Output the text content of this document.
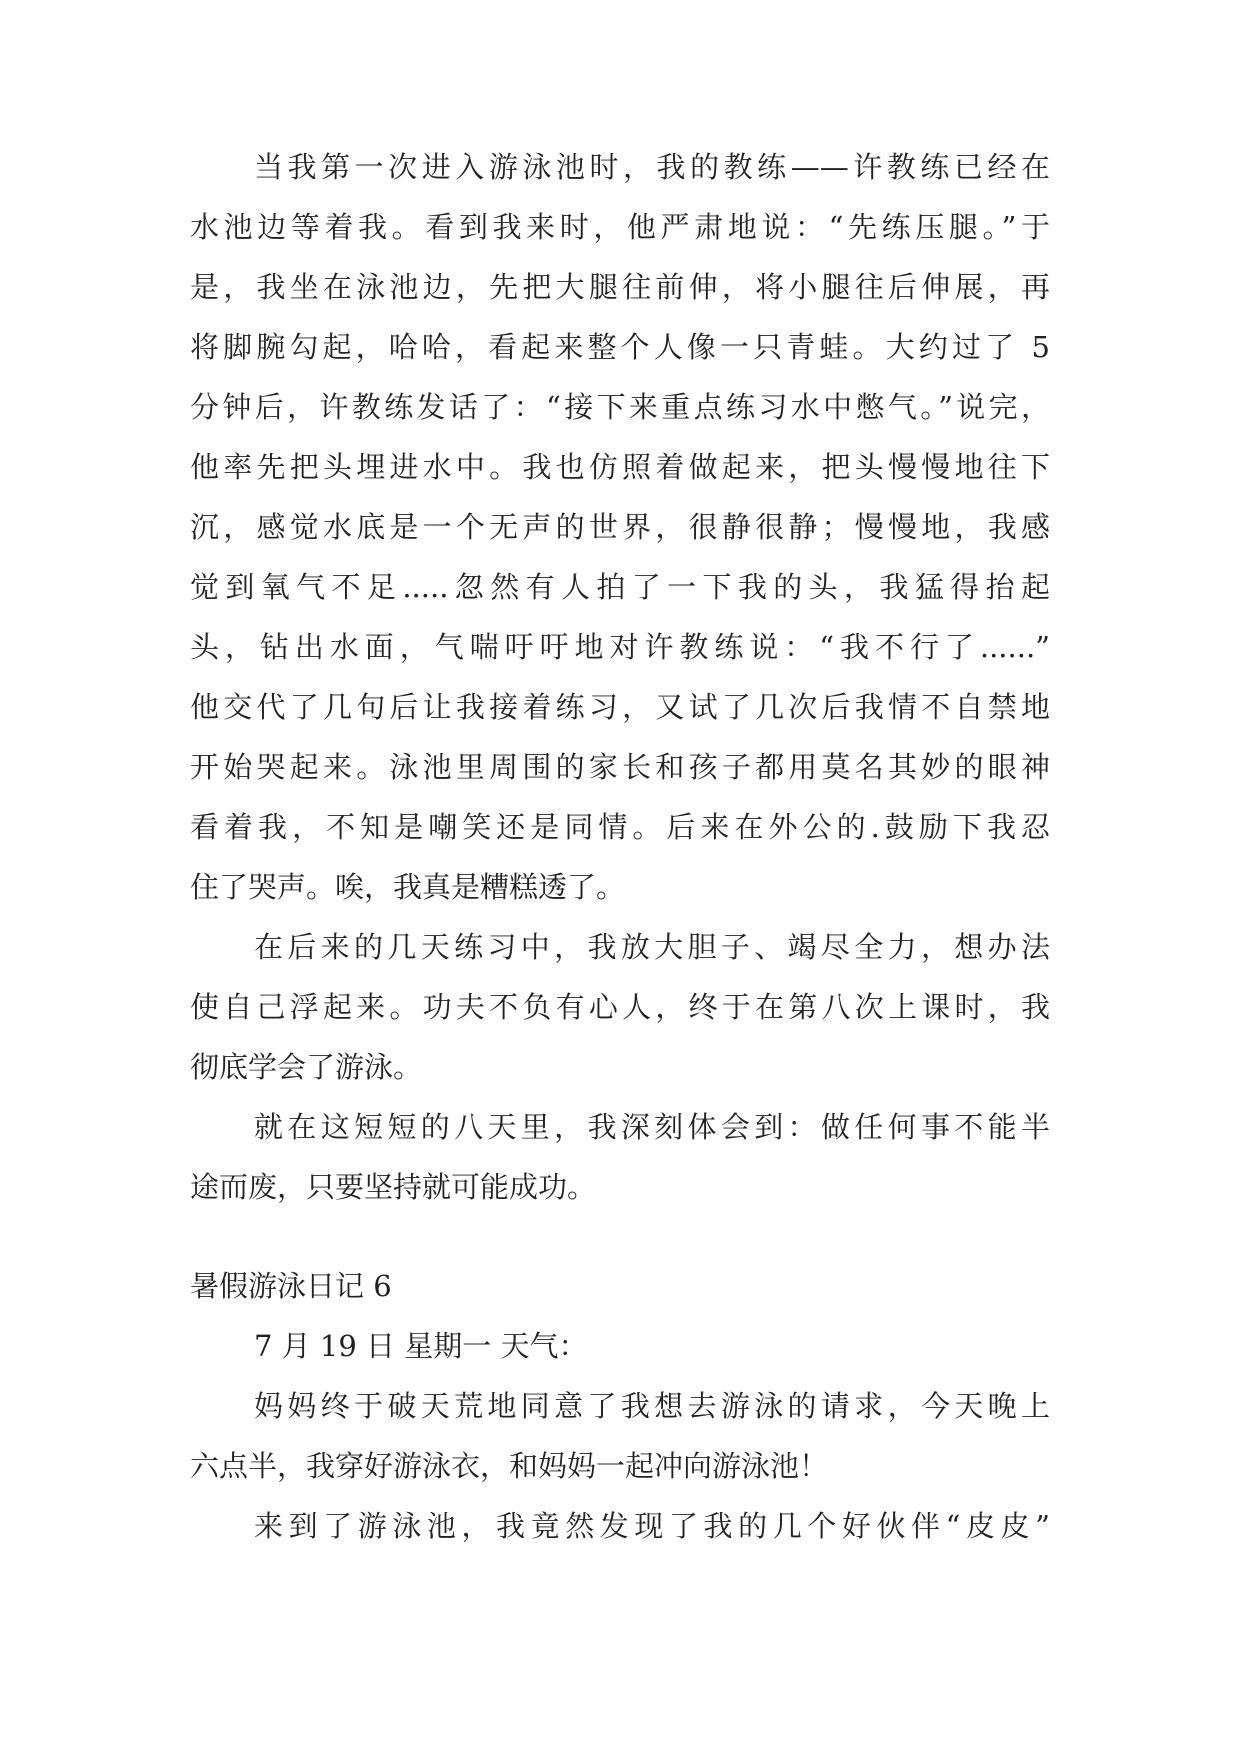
当我第一次进入游泳池时，我的教练——许教练已经在
水池边等着我。看到我来时，他严肃地说：“先练压腿。”于
是，我坐在泳池边，先把大腿往前伸，将小腿往后伸展，再
将脚腕勾起，哈哈，看起来整个人像一只青蛙。大约过了 5
分钟后，许教练发话了：“接下来重点练习水中憋气。”说完，
他率先把头埋进水中。我也仿照着做起来，把头慢慢地往下
沉，感觉水底是一个无声的世界，很静很静；慢慢地，我感
觉到氧气不足.....忽然有人拍了一下我的头，我猛得抬起
头，钻出水面，气喘吁吁地对许教练说：“我不行了......”
他交代了几句后让我接着练习，又试了几次后我情不自禁地
开始哭起来。泳池里周围的家长和孩子都用莫名其妙的眼神
看着我，不知是嘲笑还是同情。后来在外公的.鼓励下我忍
住了哭声。唉，我真是糟糕透了。
在后来的几天练习中，我放大胆子、竭尽全力，想办法
使自己浮起来。功夫不负有心人，终于在第八次上课时，我
彻底学会了游泳。
就在这短短的八天里，我深刻体会到：做任何事不能半
途而废，只要坚持就可能成功。
暑假游泳日记 6
7 月 19 日 星期一 天气：
妈妈终于破天荒地同意了我想去游泳的请求，今天晚上
六点半，我穿好游泳衣，和妈妈一起冲向游泳池！
来到了游泳池，我竟然发现了我的几个好伙伴“皮皮”
